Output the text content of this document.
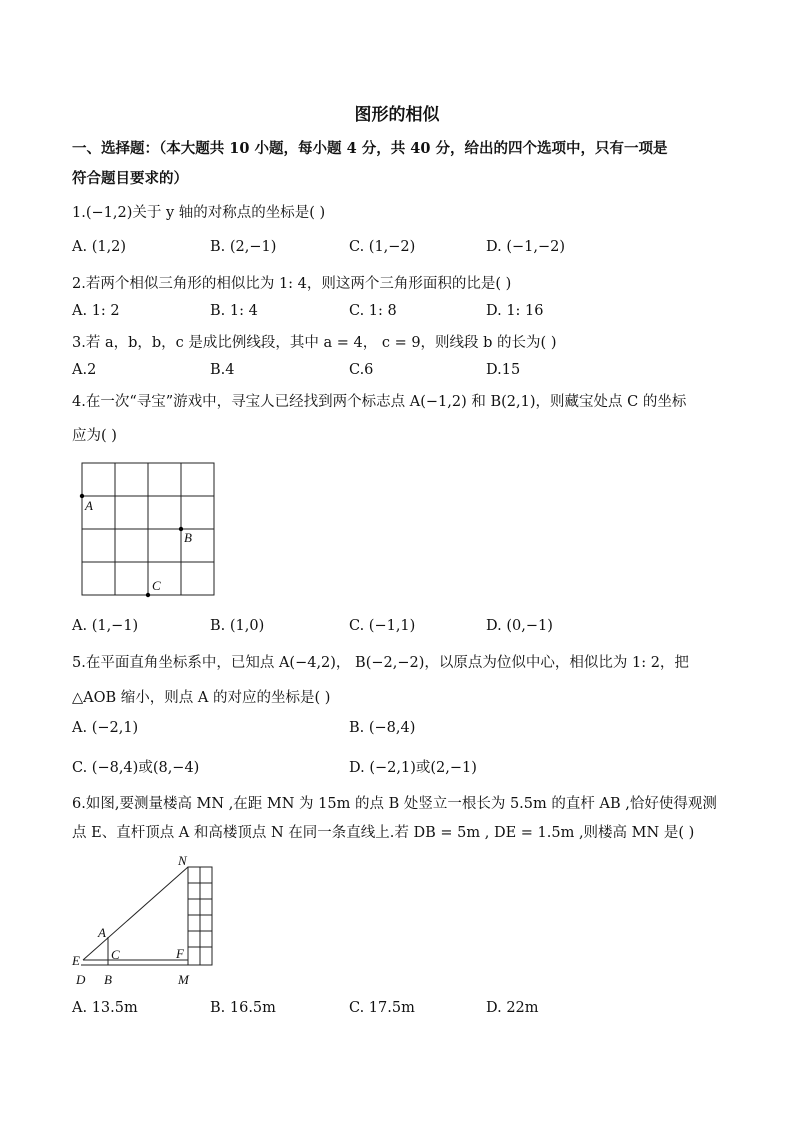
图形的相似
一、选择题：（本大题共 10 小题，每小题 4 分，共 40 分，给出的四个选项中，只有一项是
符合题目要求的）
1.(−1,2)关于 y 轴的对称点的坐标是( )
A. (1,2)	B. (2,−1)	C. (1,−2)	D. (−1,−2)
2.若两个相似三角形的相似比为 1: 4，则这两个三角形面积的比是( )
A. 1: 2	B. 1: 4	C. 1: 8	D. 1: 16
3.若 a，b，b，c 是成比例线段，其中 a = 4， c = 9，则线段 b 的长为( )
A.2	B.4	C.6	D.15
4.在一次“寻宝”游戏中，寻宝人已经找到两个标志点 A(−1,2) 和 B(2,1)，则藏宝处点 C 的坐标
应为( )
A
B
C
A. (1,−1)	B. (1,0)	C. (−1,1)	D. (0,−1)
5.在平面直角坐标系中，已知点 A(−4,2)， B(−2,−2)，以原点为位似中心，相似比为 1: 2，把
△AOB 缩小，则点 A 的对应的坐标是( )
A. (−2,1)	B. (−8,4)
C. (−8,4)或(8,−4)	D. (−2,1)或(2,−1)
6.如图,要测量楼高 MN ,在距 MN 为 15m 的点 B 处竖立一根长为 5.5m 的直杆 AB ,恰好使得观测
点 E、直杆顶点 A 和高楼顶点 N 在同一条直线上.若 DB = 5m , DE = 1.5m ,则楼高 MN 是( )
N
A
C	F
E
D B	M
A. 13.5m	B. 16.5m	C. 17.5m	D. 22m
